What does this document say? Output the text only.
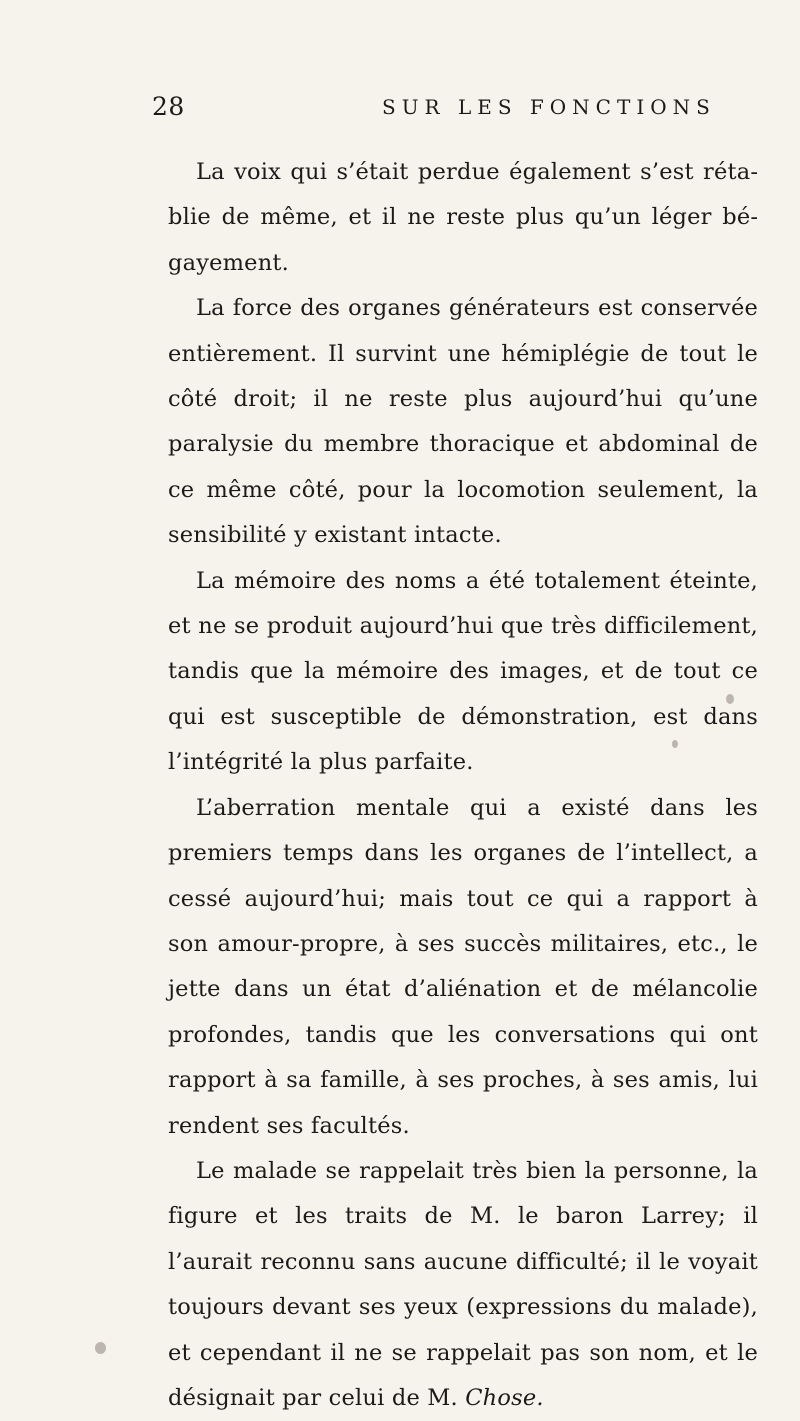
28	SUR LES FONCTIONS

La voix qui s’était perdue également s’est rétablie de même, et il ne reste plus qu’un léger bégayement.

La force des organes générateurs est conservée entièrement. Il survint une hémiplégie de tout le côté droit; il ne reste plus aujourd’hui qu’une paralysie du membre thoracique et abdominal de ce même côté, pour la locomotion seulement, la sensibilité y existant intacte.

La mémoire des noms a été totalement éteinte, et ne se produit aujourd’hui que très difficilement, tandis que la mémoire des images, et de tout ce qui est susceptible de démonstration, est dans l’intégrité la plus parfaite.

L’aberration mentale qui a existé dans les premiers temps dans les organes de l’intellect, a cessé aujourd’hui; mais tout ce qui a rapport à son amour-propre, à ses succès militaires, etc., le jette dans un état d’aliénation et de mélancolie profondes, tandis que les conversations qui ont rapport à sa famille, à ses proches, à ses amis, lui rendent ses facultés.

Le malade se rappelait très bien la personne, la figure et les traits de M. le baron Larrey; il l’aurait reconnu sans aucune difficulté; il le voyait toujours devant ses yeux (expressions du malade), et cependant il ne se rappelait pas son nom, et le désignait par celui de M. Chose.
